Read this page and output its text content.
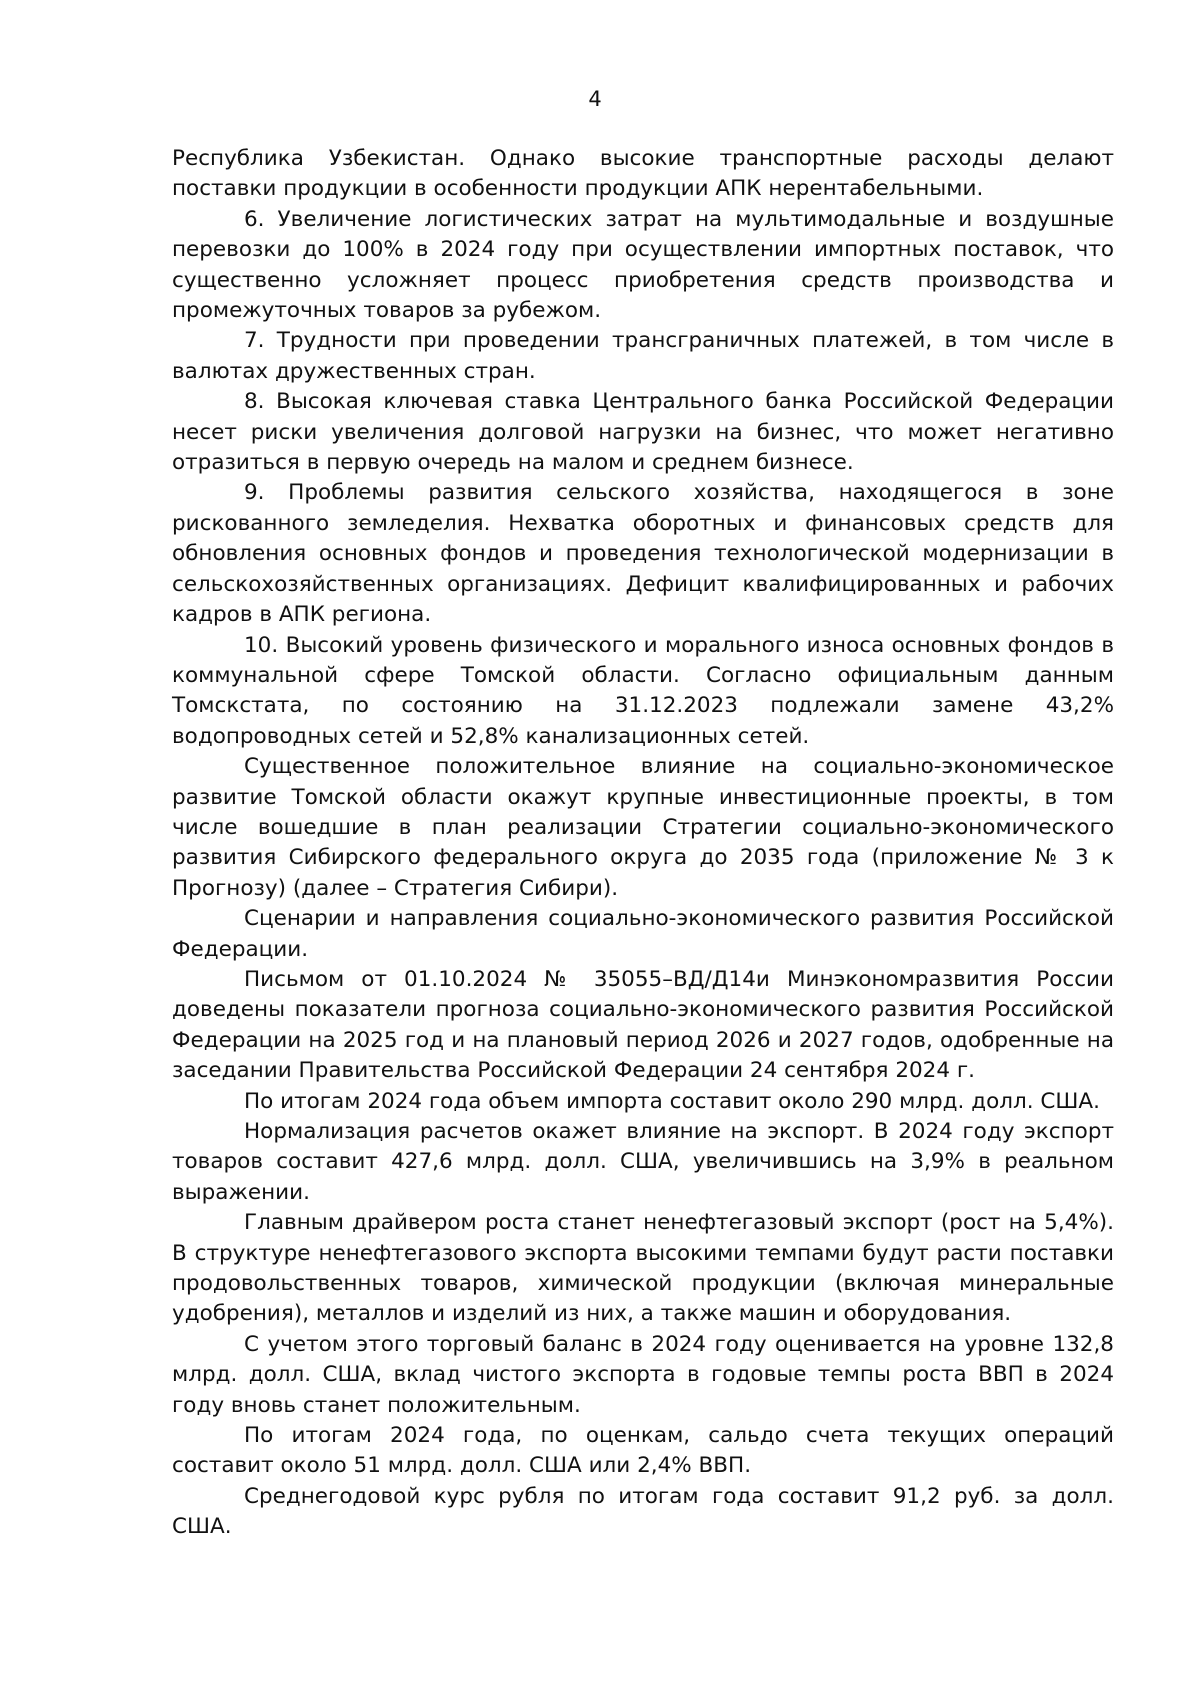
4

Республика Узбекистан. Однако высокие транспортные расходы делают поставки продукции в особенности продукции АПК нерентабельными.

6. Увеличение логистических затрат на мультимодальные и воздушные перевозки до 100% в 2024 году при осуществлении импортных поставок, что существенно усложняет процесс приобретения средств производства и промежуточных товаров за рубежом.

7. Трудности при проведении трансграничных платежей, в том числе в валютах дружественных стран.

8. Высокая ключевая ставка Центрального банка Российской Федерации несет риски увеличения долговой нагрузки на бизнес, что может негативно отразиться в первую очередь на малом и среднем бизнесе.

9. Проблемы развития сельского хозяйства, находящегося в зоне рискованного земледелия. Нехватка оборотных и финансовых средств для обновления основных фондов и проведения технологической модернизации в сельскохозяйственных организациях. Дефицит квалифицированных и рабочих кадров в АПК региона.

10. Высокий уровень физического и морального износа основных фондов в коммунальной сфере Томской области. Согласно официальным данным Томскстата, по состоянию на 31.12.2023 подлежали замене 43,2% водопроводных сетей и 52,8% канализационных сетей.

Существенное положительное влияние на социально-экономическое развитие Томской области окажут крупные инвестиционные проекты, в том числе вошедшие в план реализации Стратегии социально-экономического развития Сибирского федерального округа до 2035 года (приложение № 3 к Прогнозу) (далее – Стратегия Сибири).

Сценарии и направления социально-экономического развития Российской Федерации.

Письмом от 01.10.2024 № 35055–ВД/Д14и Минэкономразвития России доведены показатели прогноза социально-экономического развития Российской Федерации на 2025 год и на плановый период 2026 и 2027 годов, одобренные на заседании Правительства Российской Федерации 24 сентября 2024 г.

По итогам 2024 года объем импорта составит около 290 млрд. долл. США.

Нормализация расчетов окажет влияние на экспорт. В 2024 году экспорт товаров составит 427,6 млрд. долл. США, увеличившись на 3,9% в реальном выражении.

Главным драйвером роста станет ненефтегазовый экспорт (рост на 5,4%). В структуре ненефтегазового экспорта высокими темпами будут расти поставки продовольственных товаров, химической продукции (включая минеральные удобрения), металлов и изделий из них, а также машин и оборудования.

С учетом этого торговый баланс в 2024 году оценивается на уровне 132,8 млрд. долл. США, вклад чистого экспорта в годовые темпы роста ВВП в 2024 году вновь станет положительным.

По итогам 2024 года, по оценкам, сальдо счета текущих операций составит около 51 млрд. долл. США или 2,4% ВВП.

Среднегодовой курс рубля по итогам года составит 91,2 руб. за долл. США.
